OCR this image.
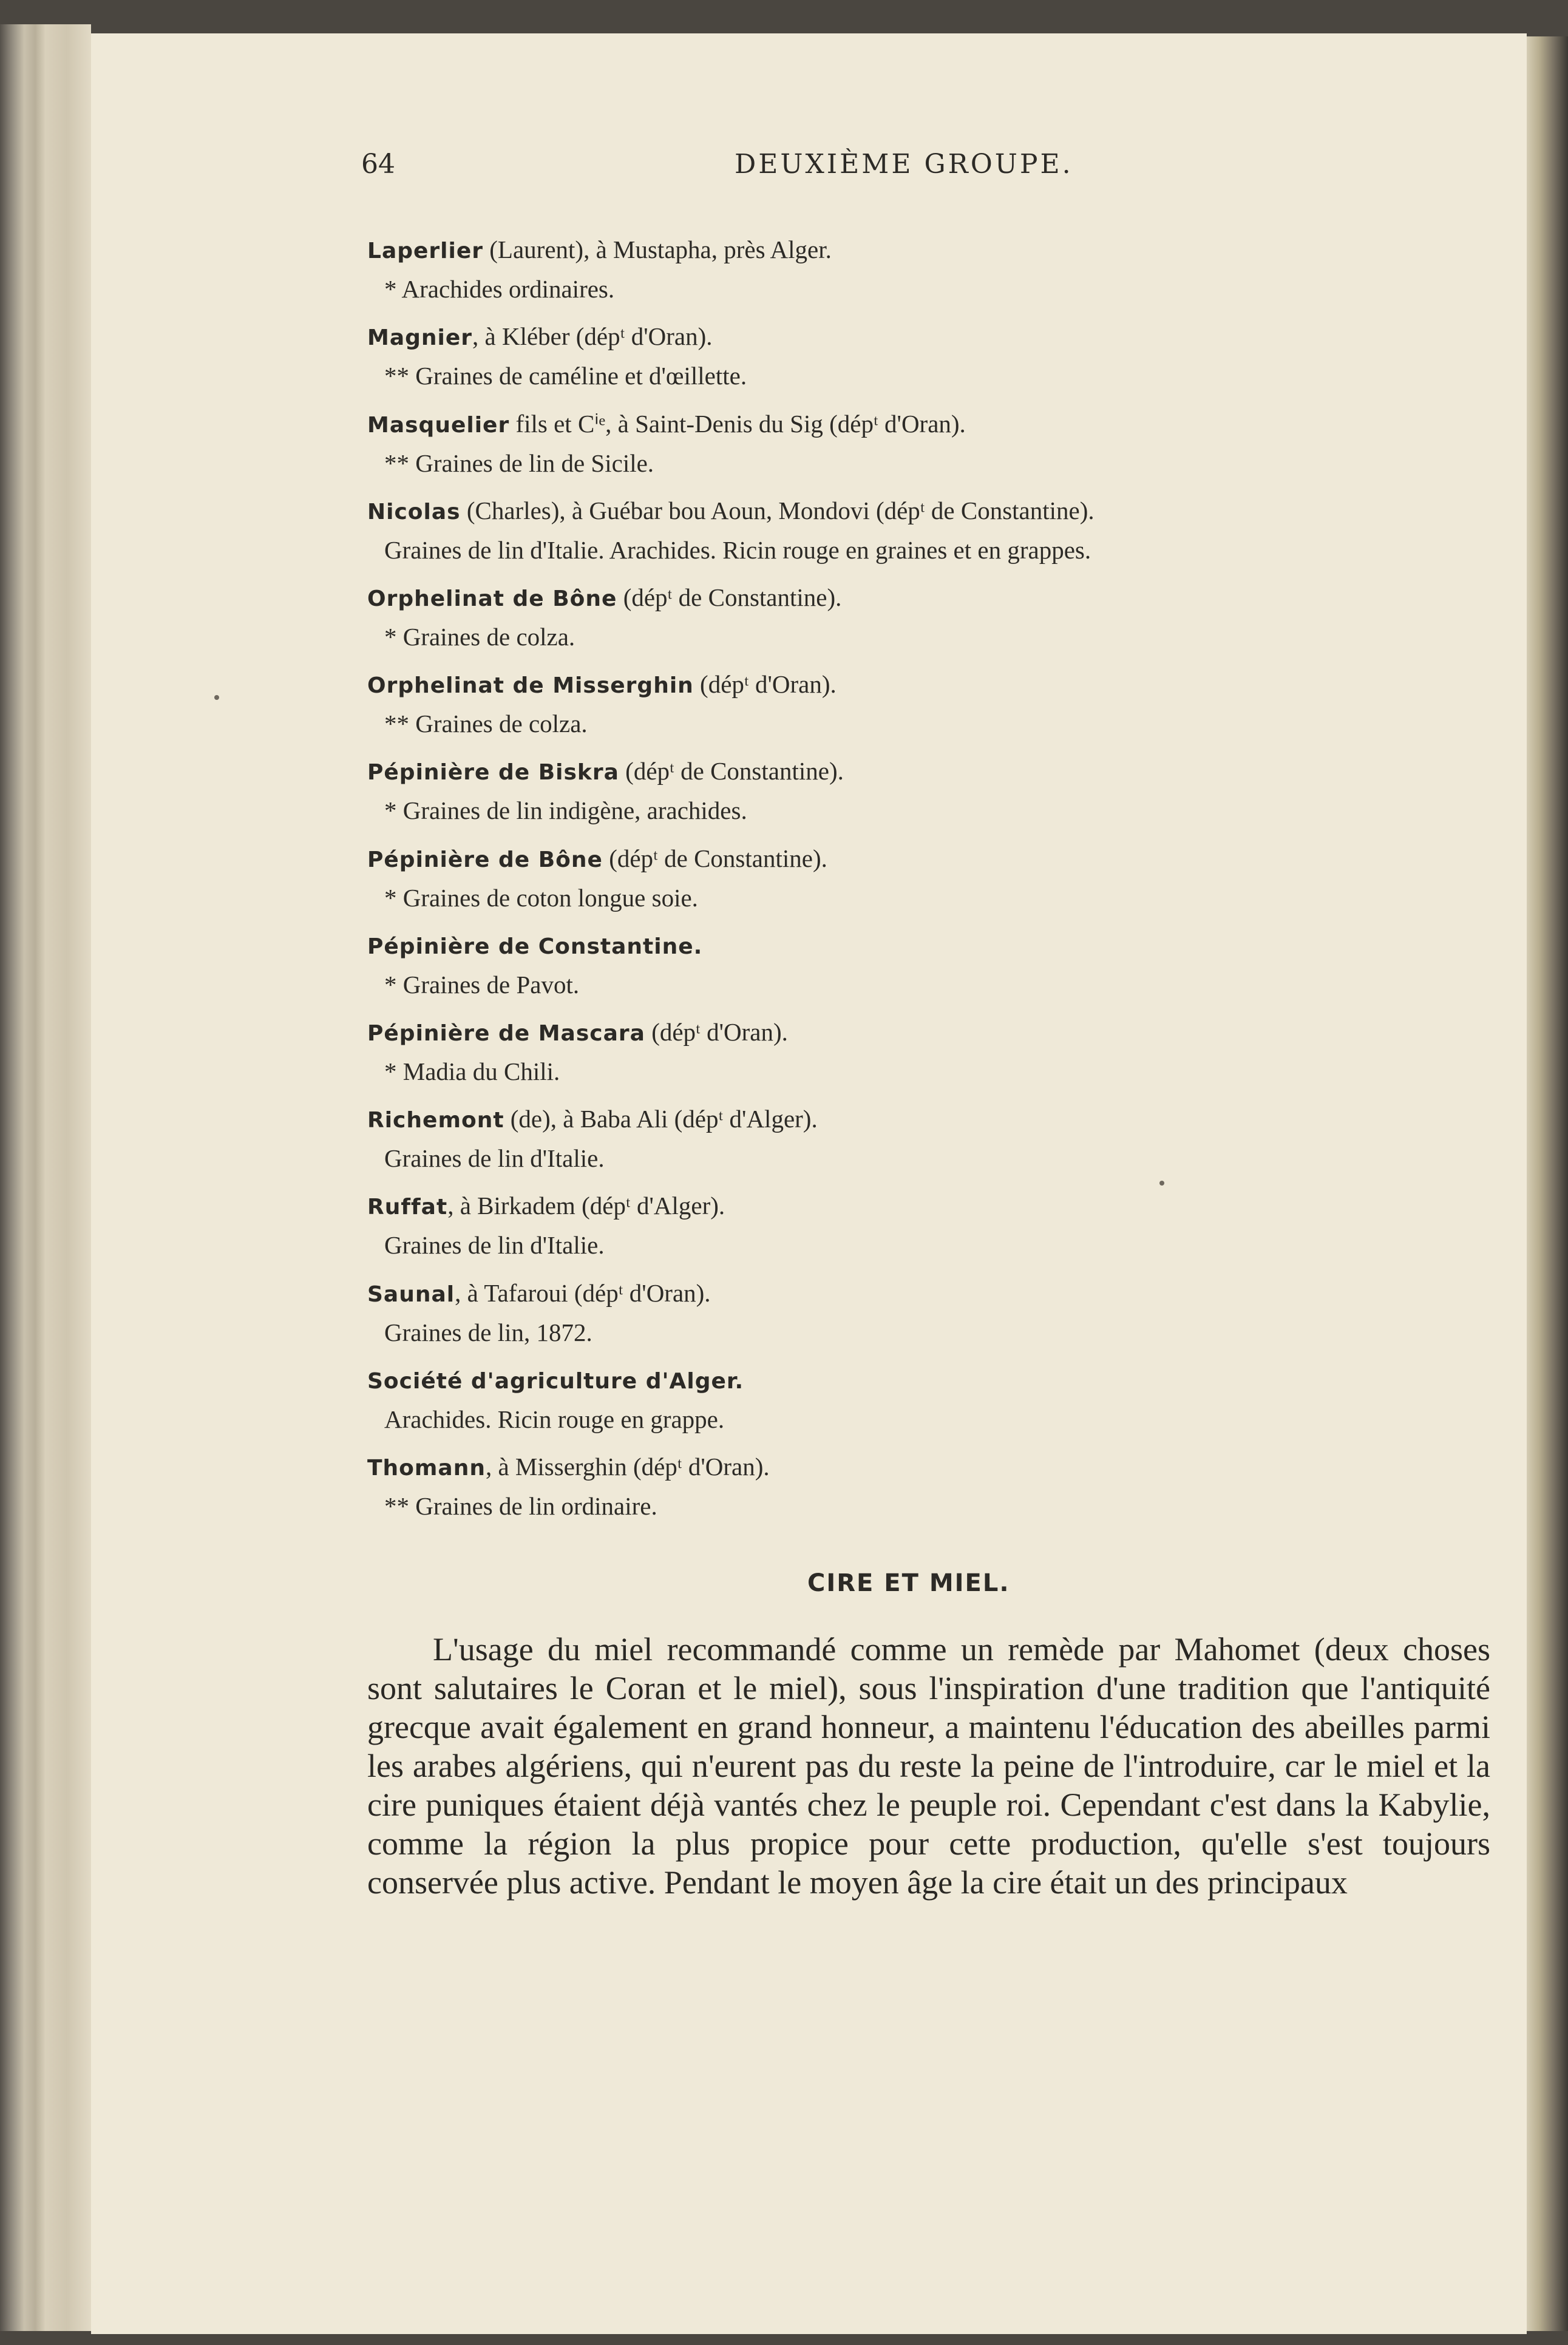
64	DEUXIÈME GROUPE.
Laperlier (Laurent), à Mustapha, près Alger.
* Arachides ordinaires.
Magnier, à Kléber (dépᵗ d'Oran).
** Graines de caméline et d'œillette.
Masquelier fils et Cⁱᵉ, à Saint-Denis du Sig (dépᵗ d'Oran).
** Graines de lin de Sicile.
Nicolas (Charles), à Guébar bou Aoun, Mondovi (dépᵗ de Constantine).
Graines de lin d'Italie. Arachides. Ricin rouge en graines et en grappes.
Orphelinat de Bône (dépᵗ de Constantine).
* Graines de colza.
Orphelinat de Misserghin (dépᵗ d'Oran).
** Graines de colza.
Pépinière de Biskra (dépᵗ de Constantine).
* Graines de lin indigène, arachides.
Pépinière de Bône (dépᵗ de Constantine).
* Graines de coton longue soie.
Pépinière de Constantine.
* Graines de Pavot.
Pépinière de Mascara (dépᵗ d'Oran).
* Madia du Chili.
Richemont (de), à Baba Ali (dépᵗ d'Alger).
Graines de lin d'Italie.
Ruffat, à Birkadem (dépᵗ d'Alger).
Graines de lin d'Italie.
Saunal, à Tafaroui (dépᵗ d'Oran).
Graines de lin, 1872.
Société d'agriculture d'Alger.
Arachides. Ricin rouge en grappe.
Thomann, à Misserghin (dépᵗ d'Oran).
** Graines de lin ordinaire.
CIRE ET MIEL.
L'usage du miel recommandé comme un remède par Mahomet (deux choses sont salutaires le Coran et le miel), sous l'inspiration d'une tradition que l'antiquité grecque avait également en grand honneur, a maintenu l'éducation des abeilles parmi les arabes algériens, qui n'eurent pas du reste la peine de l'introduire, car le miel et la cire puniques étaient déjà vantés chez le peuple roi. Cependant c'est dans la Kabylie, comme la région la plus propice pour cette production, qu'elle s'est toujours conservée plus active. Pendant le moyen âge la cire était un des principaux
